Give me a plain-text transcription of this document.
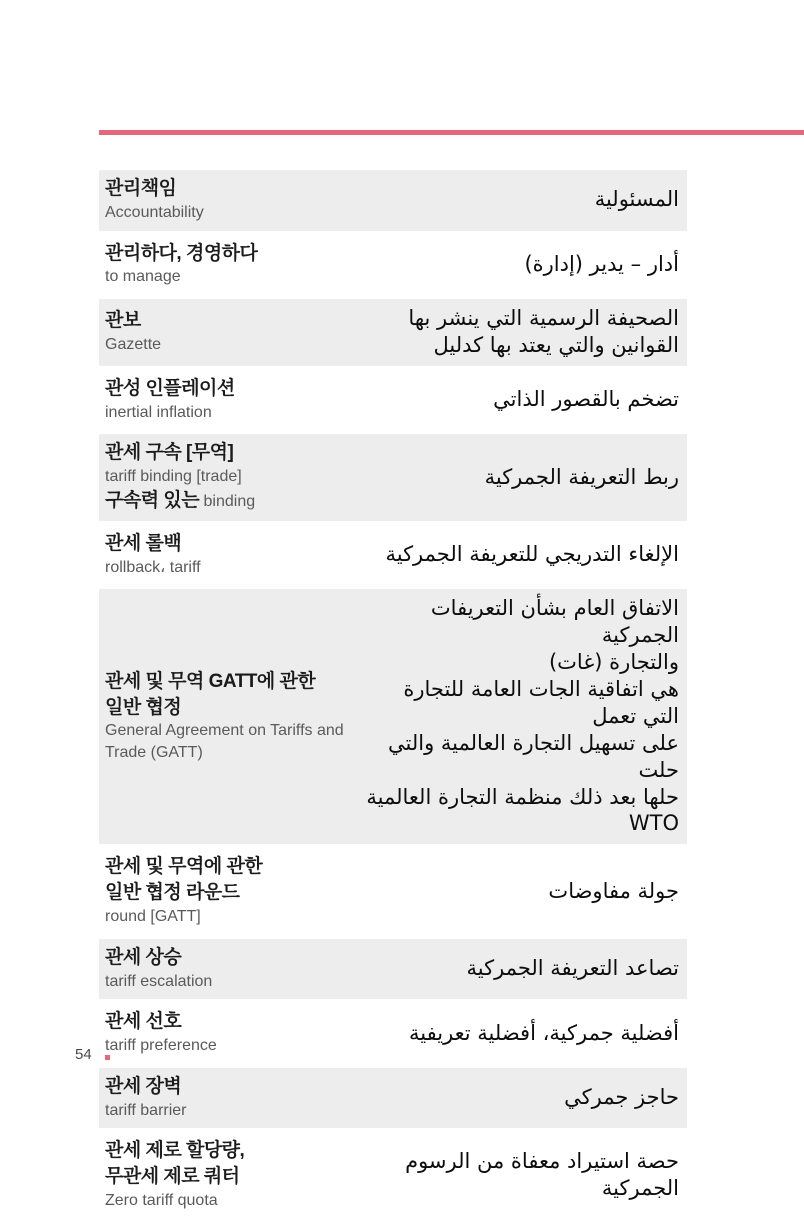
관리책임
Accountability
المسئولية
관리하다, 경영하다
to manage
أدار – يدير (إدارة)
관보
Gazette
الصحيفة الرسمية التي ينشر بها
القوانين والتي يعتد بها كدليل
관성 인플레이션
inertial inflation
تضخم بالقصور الذاتي
관세 구속 [무역]
tariff binding [trade]
구속력 있는 binding
ربط التعريفة الجمركية
관세 롤백
rollback، tariff
الإلغاء التدريجي للتعريفة الجمركية
관세 및 무역 GATT에 관한
일반 협정
General Agreement on Tariffs and
Trade (GATT)
الاتفاق العام بشأن التعريفات الجمركية
والتجارة (غات)
هي اتفاقية الجات العامة للتجارة التي تعمل
على تسهيل التجارة العالمية والتي حلت
حلها بعد ذلك منظمة التجارة العالمية WTO
관세 및 무역에 관한
일반 협정 라운드
round [GATT]
جولة مفاوضات
관세 상승
tariff escalation
تصاعد التعريفة الجمركية
관세 선호
tariff preference
أفضلية جمركية، أفضلية تعريفية
관세 장벽
tariff barrier
حاجز جمركي
관세 제로 할당량,
무관세 제로 쿼터
Zero tariff quota
حصة استيراد معفاة من الرسوم
الجمركية
54
